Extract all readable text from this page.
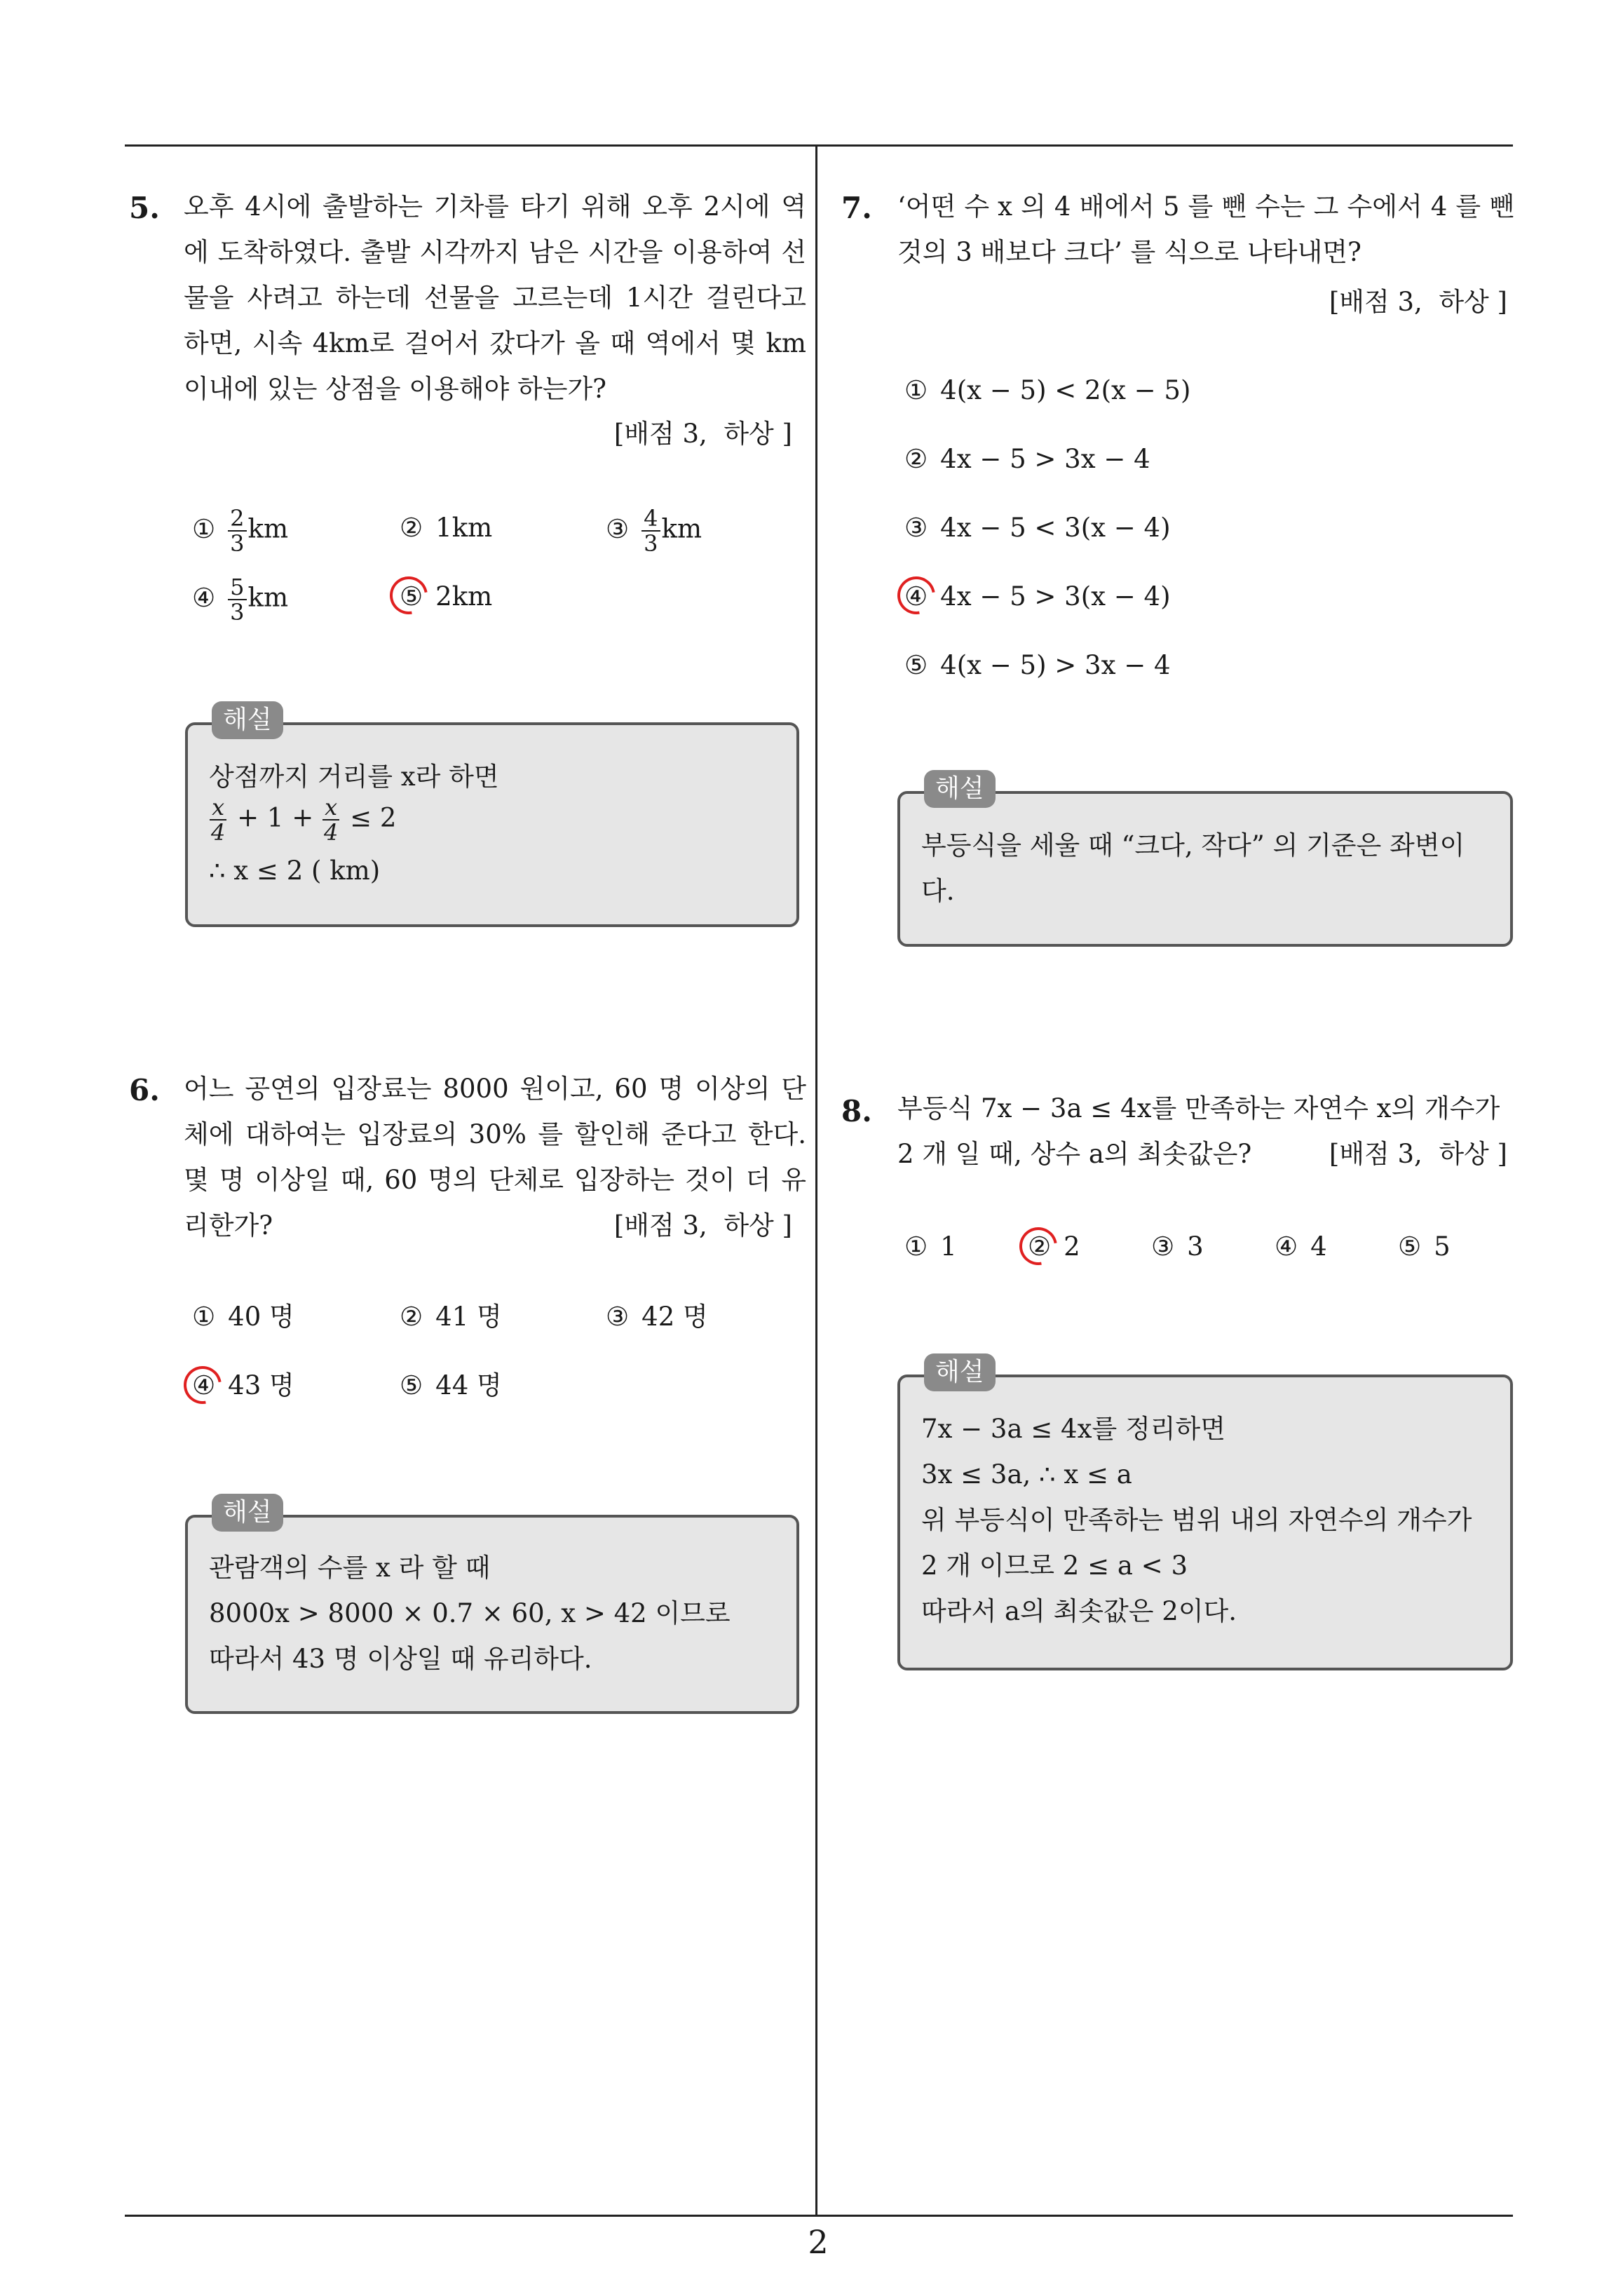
5. 오후 4시에 출발하는 기차를 타기 위해 오후 2시에 역에 도착하였다. 출발 시각까지 남은 시간을 이용하여 선물을 사려고 하는데 선물을 고르는데 1시간 걸린다고 하면, 시속 4km로 걸어서 갔다가 올 때 역에서 몇 km 이내에 있는 상점을 이용해야 하는가?
[배점 3,  하상 ]
① $\frac{2}{3}$ km	② 1km	③ $\frac{4}{3}$ km
④ $\frac{5}{3}$ km	⑤ 2km
해설
상점까지 거리를 x라 하면
$\frac{x}{4} + 1 + \frac{x}{4} \le 2$
∴ x ≤ 2 ( km)
6. 어느 공연의 입장료는 8000 원이고, 60 명 이상의 단체에 대하여는 입장료의 30% 를 할인해 준다고 한다. 몇 명 이상일 때, 60 명의 단체로 입장하는 것이 더 유리한가?	[배점 3,  하상 ]
① 40 명	② 41 명	③ 42 명
④ 43 명	⑤ 44 명
해설
관람객의 수를 x 라 할 때
8000x > 8000 × 0.7 × 60, x > 42 이므로
따라서 43 명 이상일 때 유리하다.
7. ‘어떤 수 x 의 4 배에서 5 를 뺀 수는 그 수에서 4 를 뺀 것의 3 배보다 크다’ 를 식으로 나타내면?
[배점 3,  하상 ]
① 4(x − 5) < 2(x − 5)
② 4x − 5 > 3x − 4
③ 4x − 5 < 3(x − 4)
④ 4x − 5 > 3(x − 4)
⑤ 4(x − 5) > 3x − 4
해설
부등식을 세울 때 “크다, 작다” 의 기준은 좌변이
다.
8. 부등식 7x − 3a ≤ 4x를 만족하는 자연수 x의 개수가
2 개 일 때, 상수 a의 최솟값은?	[배점 3,  하상 ]
① 1	② 2	③ 3	④ 4	⑤ 5
해설
7x − 3a ≤ 4x를 정리하면
3x ≤ 3a, ∴ x ≤ a
위 부등식이 만족하는 범위 내의 자연수의 개수가
2 개 이므로 2 ≤ a < 3
따라서 a의 최솟값은 2이다.
2
